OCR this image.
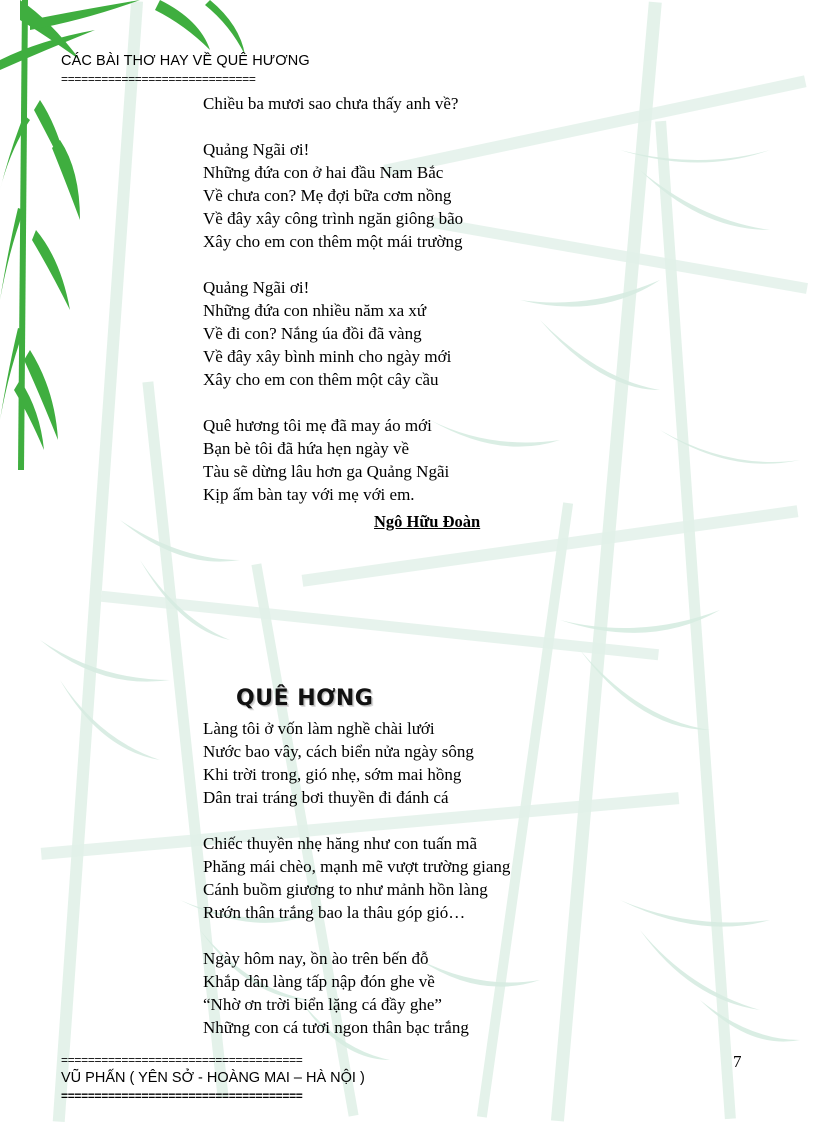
CÁC BÀI THƠ HAY VỀ QUÊ HƯƠNG
=============================
Chiều ba mươi sao chưa thấy anh về?
Quảng Ngãi ơi!
Những đứa con ở hai đầu Nam Bắc
Về chưa con? Mẹ đợi bữa cơm nồng
Về đây xây công trình ngăn giông bão
Xây cho em con thêm một mái trường
Quảng Ngãi ơi!
Những đứa con nhiều năm xa xứ
Về đi con? Nắng úa đồi đã vàng
Về đây xây bình minh cho ngày mới
Xây cho em con thêm một cây cầu
Quê hương tôi mẹ đã may áo mới
Bạn bè tôi đã hứa hẹn ngày về
Tàu sẽ dừng lâu hơn ga Quảng Ngãi
Kịp ấm bàn tay với mẹ với em.
Ngô Hữu Đoàn
QUÊ HƠNG
Làng tôi ở vốn làm nghề chài lưới
Nước bao vây, cách biển nửa ngày sông
Khi trời trong, gió nhẹ, sớm mai hồng
Dân trai tráng bơi thuyền đi đánh cá
Chiếc thuyền nhẹ hăng như con tuấn mã
Phăng mái chèo, mạnh mẽ vượt trường giang
Cánh buồm giương to như mảnh hồn làng
Rướn thân trắng bao la thâu góp gió…
Ngày hôm nay, ồn ào trên bến đỗ
Khắp dân làng tấp nập đón ghe về
“Nhờ ơn trời biển lặng cá đầy ghe”
Những con cá tươi ngon thân bạc trắng
7
====================================
VŨ PHẤN ( YÊN SỞ - HOÀNG MAI – HÀ NỘI )
====================================
